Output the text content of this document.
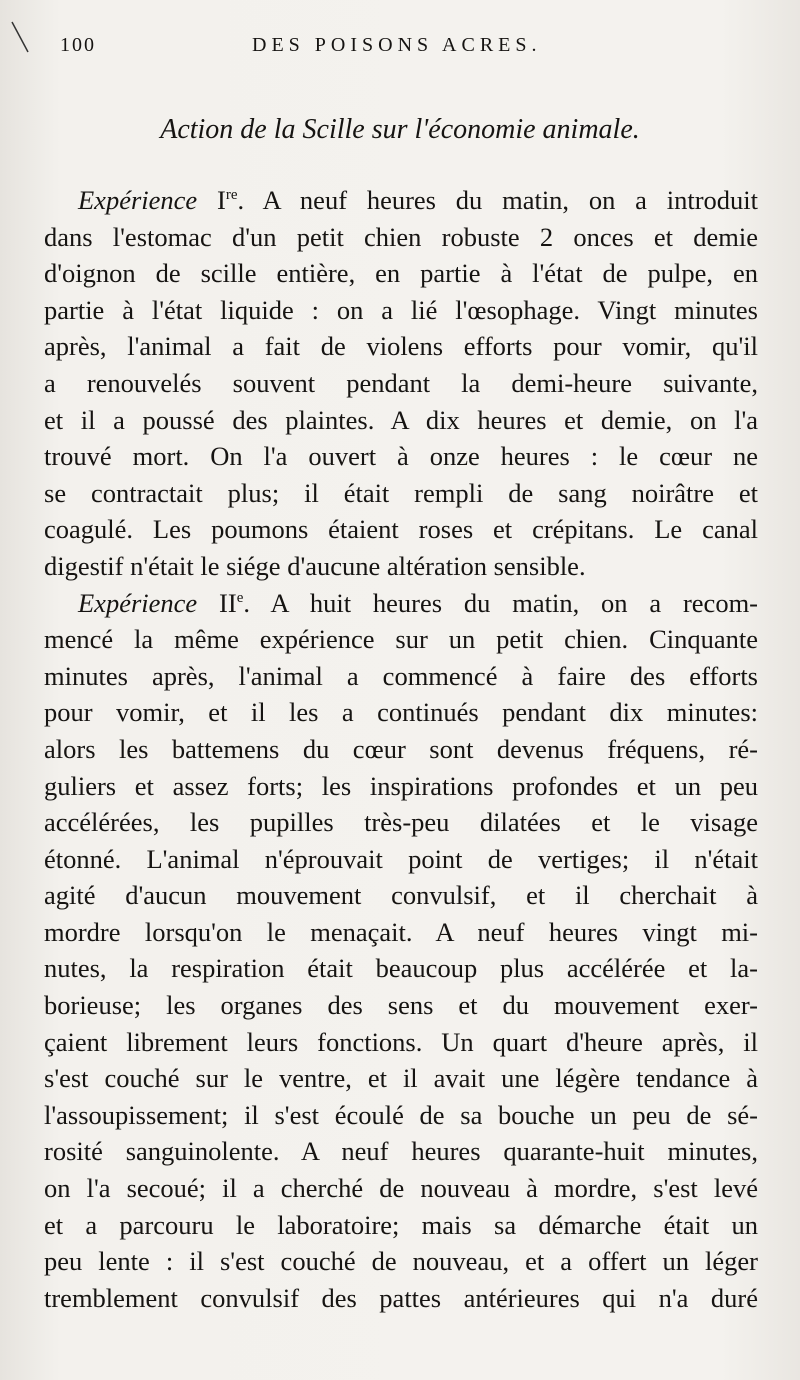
100	DES POISONS ACRES.
Action de la Scille sur l'économie animale.
Expérience Ire. A neuf heures du matin, on a introduit
dans l'estomac d'un petit chien robuste 2 onces et demie
d'oignon de scille entière, en partie à l'état de pulpe, en
partie à l'état liquide : on a lié l'œsophage. Vingt minutes
après, l'animal a fait de violens efforts pour vomir, qu'il
a renouvelés souvent pendant la demi-heure suivante,
et il a poussé des plaintes. A dix heures et demie, on l'a
trouvé mort. On l'a ouvert à onze heures : le cœur ne
se contractait plus; il était rempli de sang noirâtre et
coagulé. Les poumons étaient roses et crépitans. Le canal
digestif n'était le siége d'aucune altération sensible.
Expérience IIe. A huit heures du matin, on a recom-
mencé la même expérience sur un petit chien. Cinquante
minutes après, l'animal a commencé à faire des efforts
pour vomir, et il les a continués pendant dix minutes:
alors les battemens du cœur sont devenus fréquens, ré-
guliers et assez forts; les inspirations profondes et un peu
accélérées, les pupilles très-peu dilatées et le visage
étonné. L'animal n'éprouvait point de vertiges; il n'était
agité d'aucun mouvement convulsif, et il cherchait à
mordre lorsqu'on le menaçait. A neuf heures vingt mi-
nutes, la respiration était beaucoup plus accélérée et la-
borieuse; les organes des sens et du mouvement exer-
çaient librement leurs fonctions. Un quart d'heure après, il
s'est couché sur le ventre, et il avait une légère tendance à
l'assoupissement; il s'est écoulé de sa bouche un peu de sé-
rosité sanguinolente. A neuf heures quarante-huit minutes,
on l'a secoué; il a cherché de nouveau à mordre, s'est levé
et a parcouru le laboratoire; mais sa démarche était un
peu lente : il s'est couché de nouveau, et a offert un léger
tremblement convulsif des pattes antérieures qui n'a duré
